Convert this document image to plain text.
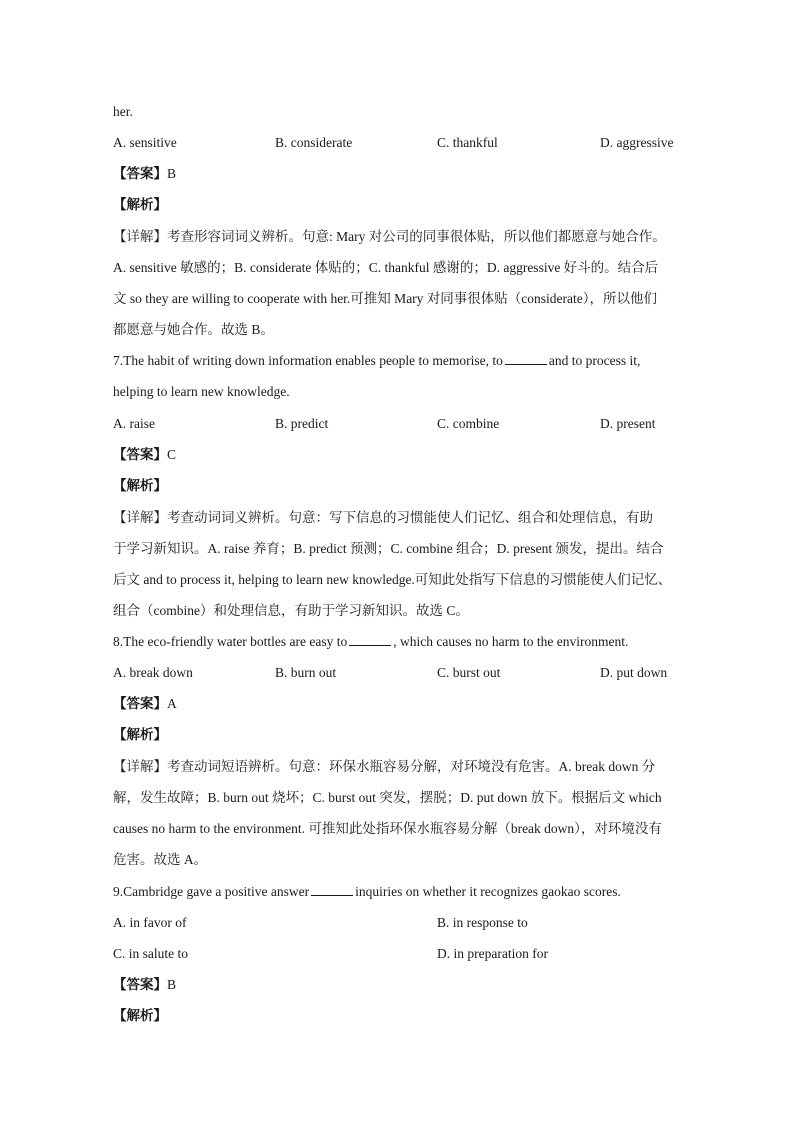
her.
A. sensitive	B. considerate	C. thankful	D. aggressive
【答案】B
【解析】
【详解】考查形容词词义辨析。句意: Mary 对公司的同事很体贴，所以他们都愿意与她合作。
A. sensitive 敏感的；B. considerate 体贴的；C. thankful 感谢的；D. aggressive 好斗的。结合后
文 so they are willing to cooperate with her.可推知 Mary 对同事很体贴（considerate），所以他们
都愿意与她合作。故选 B。
7.The habit of writing down information enables people to memorise, to	and to process it,
helping to learn new knowledge.
A. raise	B. predict	C. combine	D. present
【答案】C
【解析】
【详解】考查动词词义辨析。句意：写下信息的习惯能使人们记忆、组合和处理信息，有助
于学习新知识。A. raise 养育；B. predict 预测；C. combine 组合；D. present 颁发，提出。结合
后文 and to process it, helping to learn new knowledge.可知此处指写下信息的习惯能使人们记忆、
组合（combine）和处理信息，有助于学习新知识。故选 C。
8.The eco-friendly water bottles are easy to	, which causes no harm to the environment.
A. break down	B. burn out	C. burst out	D. put down
【答案】A
【解析】
【详解】考查动词短语辨析。句意：环保水瓶容易分解，对环境没有危害。A. break down 分
解，发生故障；B. burn out 烧坏；C. burst out 突发，摆脱；D. put down 放下。根据后文 which
causes no harm to the environment. 可推知此处指环保水瓶容易分解（break down），对环境没有
危害。故选 A。
9.Cambridge gave a positive answer	inquiries on whether it recognizes gaokao scores.
A. in favor of	B. in response to
C. in salute to	D. in preparation for
【答案】B
【解析】
